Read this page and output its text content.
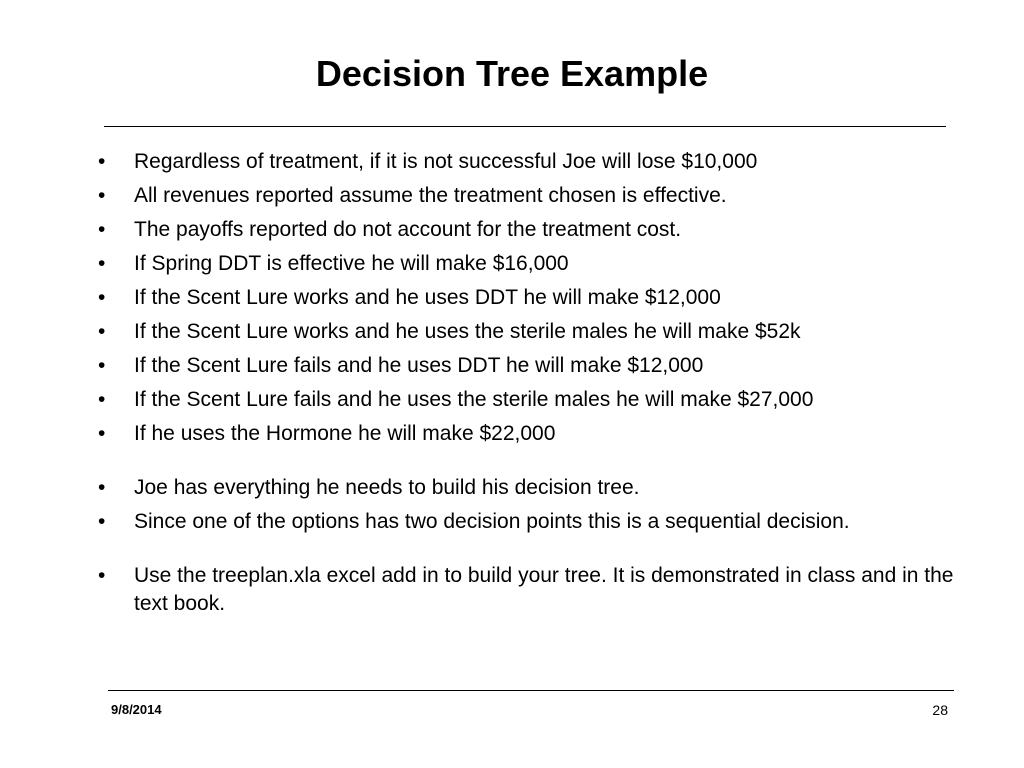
Decision Tree Example
•	Regardless of treatment, if it is not successful Joe will lose $10,000
•	All revenues reported assume the treatment chosen is effective.
•	The payoffs reported do not account for the treatment cost.
•	If Spring DDT is effective he will make $16,000
•	If the Scent Lure works and he uses DDT he will make $12,000
•	If the Scent Lure works and he uses the sterile males he will make $52k
•	If the Scent Lure fails and he uses DDT he will make $12,000
•	If the Scent Lure fails and he uses the sterile males he will make $27,000
•	If he uses the Hormone he will make $22,000
•	Joe has everything he needs to build his decision tree.
•	Since one of the options has two decision points this is a sequential decision.
•	Use the treeplan.xla excel add in to build your tree. It is demonstrated in class and in the text book.
9/8/2014	28
